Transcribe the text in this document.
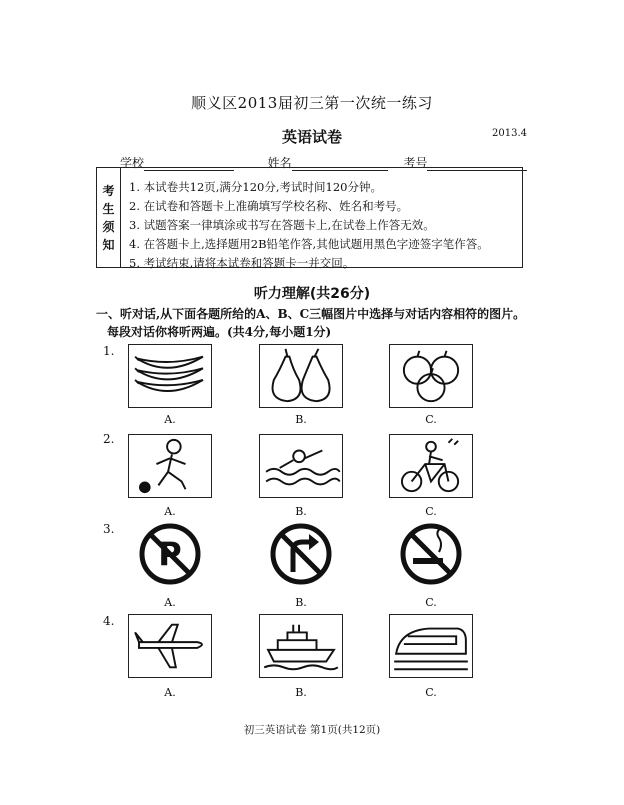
顺义区2013届初三第一次统一练习
英语试卷	2013.4
学校	姓名	考号
考
生
须
知
1. 本试卷共12页,满分120分,考试时间120分钟。
2. 在试卷和答题卡上准确填写学校名称、姓名和考号。
3. 试题答案一律填涂或书写在答题卡上,在试卷上作答无效。
4. 在答题卡上,选择题用2B铅笔作答,其他试题用黑色字迹签字笔作答。
5. 考试结束,请将本试卷和答题卡一并交回。
听力理解(共26分)
一、听对话,从下面各题所给的A、B、C三幅图片中选择与对话内容相符的图片。
每段对话你将听两遍。(共4分,每小题1分)
1.
A.	B.	C.
2.
A.	B.	C.
3.
P
A.	B.	C.
4.
A.	B.	C.
初三英语试卷 第1页(共12页)
